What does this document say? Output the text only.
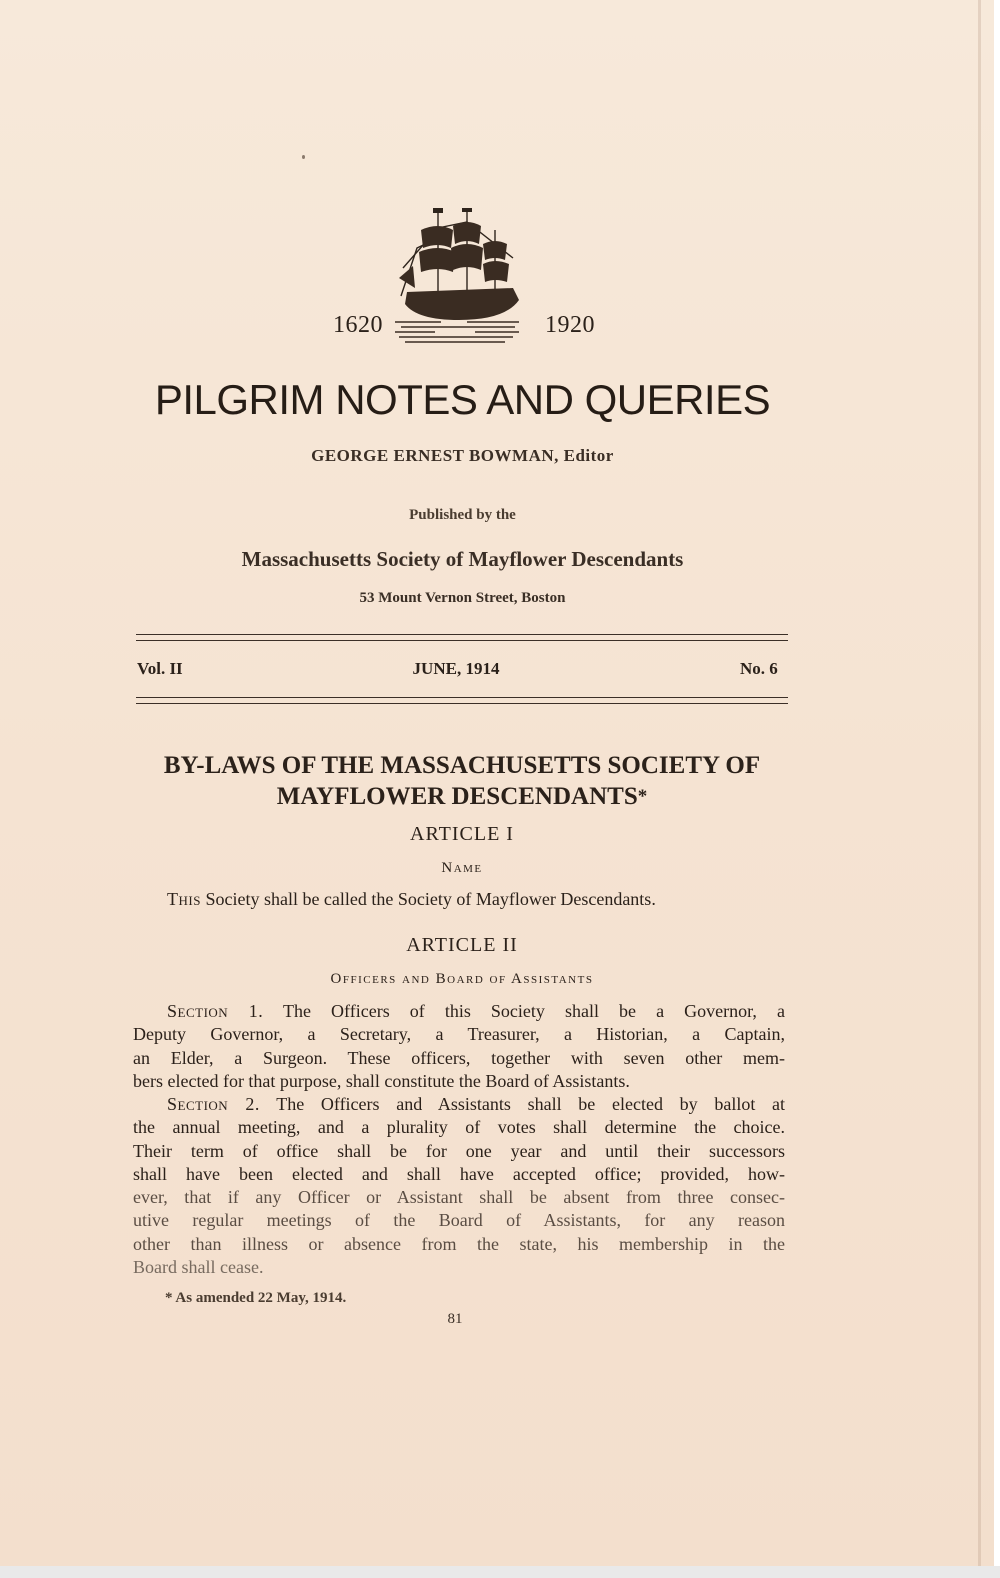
1620	1920
PILGRIM NOTES AND QUERIES
GEORGE ERNEST BOWMAN, Editor
Published by the
Massachusetts Society of Mayflower Descendants
53 Mount Vernon Street, Boston
Vol. II	JUNE, 1914	No. 6
BY-LAWS OF THE MASSACHUSETTS SOCIETY OF
MAYFLOWER DESCENDANTS*
ARTICLE I
Name
This Society shall be called the Society of Mayflower Descendants.
ARTICLE II
Officers and Board of Assistants
Section 1. The Officers of this Society shall be a Governor, a
Deputy Governor, a Secretary, a Treasurer, a Historian, a Captain,
an Elder, a Surgeon. These officers, together with seven other mem-
bers elected for that purpose, shall constitute the Board of Assistants.
Section 2. The Officers and Assistants shall be elected by ballot at
the annual meeting, and a plurality of votes shall determine the choice.
Their term of office shall be for one year and until their successors
shall have been elected and shall have accepted office; provided, how-
ever, that if any Officer or Assistant shall be absent from three consec-
utive regular meetings of the Board of Assistants, for any reason
other than illness or absence from the state, his membership in the
Board shall cease.
* As amended 22 May, 1914.
81
